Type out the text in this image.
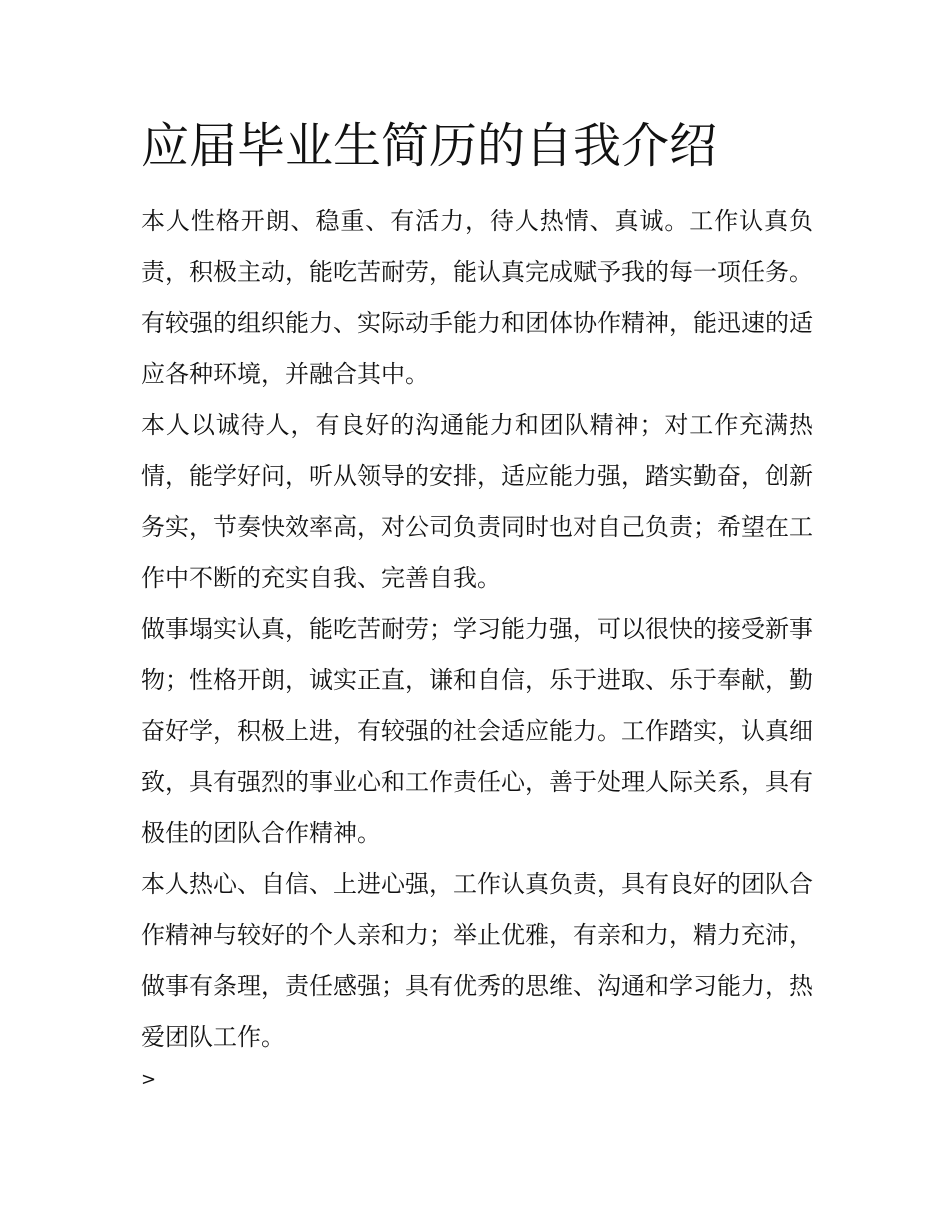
应届毕业生简历的自我介绍

本人性格开朗、稳重、有活力，待人热情、真诚。工作认真负责，积极主动，能吃苦耐劳，能认真完成赋予我的每一项任务。有较强的组织能力、实际动手能力和团体协作精神，能迅速的适应各种环境，并融合其中。

本人以诚待人，有良好的沟通能力和团队精神；对工作充满热情，能学好问，听从领导的安排，适应能力强，踏实勤奋，创新务实，节奏快效率高，对公司负责同时也对自己负责；希望在工作中不断的充实自我、完善自我。

做事塌实认真，能吃苦耐劳；学习能力强，可以很快的接受新事物；性格开朗，诚实正直，谦和自信，乐于进取、乐于奉献，勤奋好学，积极上进，有较强的社会适应能力。工作踏实，认真细致，具有强烈的事业心和工作责任心，善于处理人际关系，具有极佳的团队合作精神。

本人热心、自信、上进心强，工作认真负责，具有良好的团队合作精神与较好的个人亲和力；举止优雅，有亲和力，精力充沛，做事有条理，责任感强；具有优秀的思维、沟通和学习能力，热爱团队工作。

>
